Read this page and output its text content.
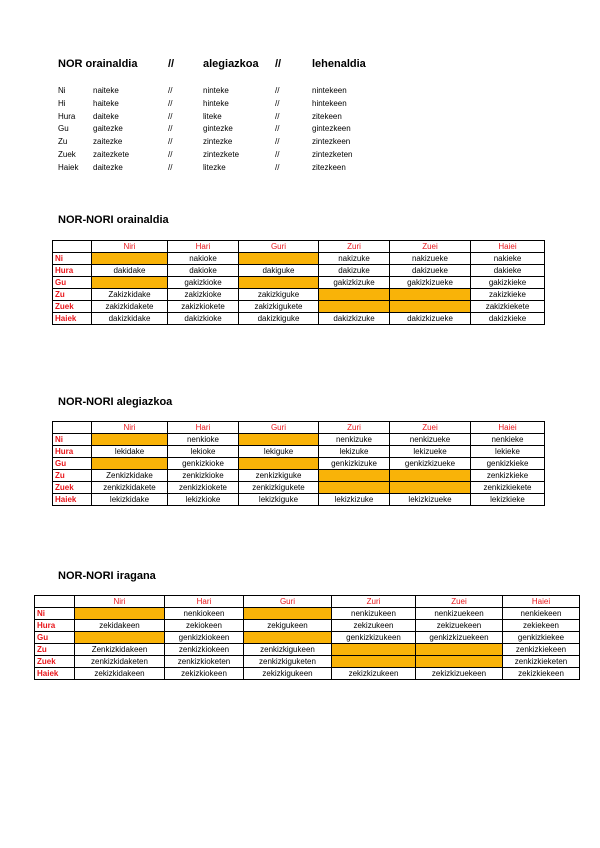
NOR orainaldia	//	alegiazkoa //	lehenaldia
Ni	naiteke	//	ninteke	//	nintekeen
Hi	haiteke	//	hinteke	//	hintekeen
Hura daiteke	//	liteke	//	zitekeen
Gu	gaitezke	//	gintezke	//	gintezkeen
Zu	zaitezke	//	zintezke	//	zintezkeen
Zuek zaitezkete	//	zintezkete	//	zintezketen
Haiek daitezke	//	litezke	//	zitezkeen
NOR-NORI orainaldia
NOR-NORI alegiazkoa
NOR-NORI iragana
	Niri	Hari	Guri	Zuri	Zuei	Haiei
Ni		nakioke		nakizuke	nakizueke	nakieke
Hura	dakidake	dakioke	dakiguke	dakizuke	dakizueke	dakieke
Gu		gakizkioke		gakizkizuke	gakizkizueke	gakizkieke
Zu	Zakizkidake	zakizkioke	zakizkiguke			zakizkieke
Zuek	zakizkidakete	zakizkiokete	zakizkigukete			zakizkiekete
Haiek	dakizkidake	dakizkioke	dakizkiguke	dakizkizuke	dakizkizueke	dakizkieke
	Niri	Hari	Guri	Zuri	Zuei	Haiei
Ni		nenkioke		nenkizuke	nenkizueke	nenkieke
Hura	lekidake	lekioke	lekiguke	lekizuke	lekizueke	lekieke
Gu		genkizkioke		genkizkizuke	genkizkizueke	genkizkieke
Zu	Zenkizkidake	zenkizkioke	zenkizkiguke			zenkizkieke
Zuek	zenkizkidakete	zenkizkiokete	zenkizkigukete			zenkizkiekete
Haiek	lekizkidake	lekizkioke	lekizkiguke	lekizkizuke	lekizkizueke	lekizkieke
	Niri	Hari	Guri	Zuri	Zuei	Haiei
Ni		nenkiokeen		nenkizukeen	nenkizuekeen	nenkiekeen
Hura	zekidakeen	zekiokeen	zekigukeen	zekizukeen	zekizuekeen	zekiekeen
Gu		genkizkiokeen		genkizkizukeen	genkizkizuekeen	genkizkiekee
Zu	Zenkizkidakeen	zenkizkiokeen	zenkizkigukeen			zenkizkiekeen
Zuek	zenkizkidaketen	zenkizkioketen	zenkizkiguketen			zenkizkieketen
Haiek	zekizkidakeen	zekizkiokeen	zekizkigukeen	zekizkizukeen	zekizkizuekeen	zekizkiekeen
